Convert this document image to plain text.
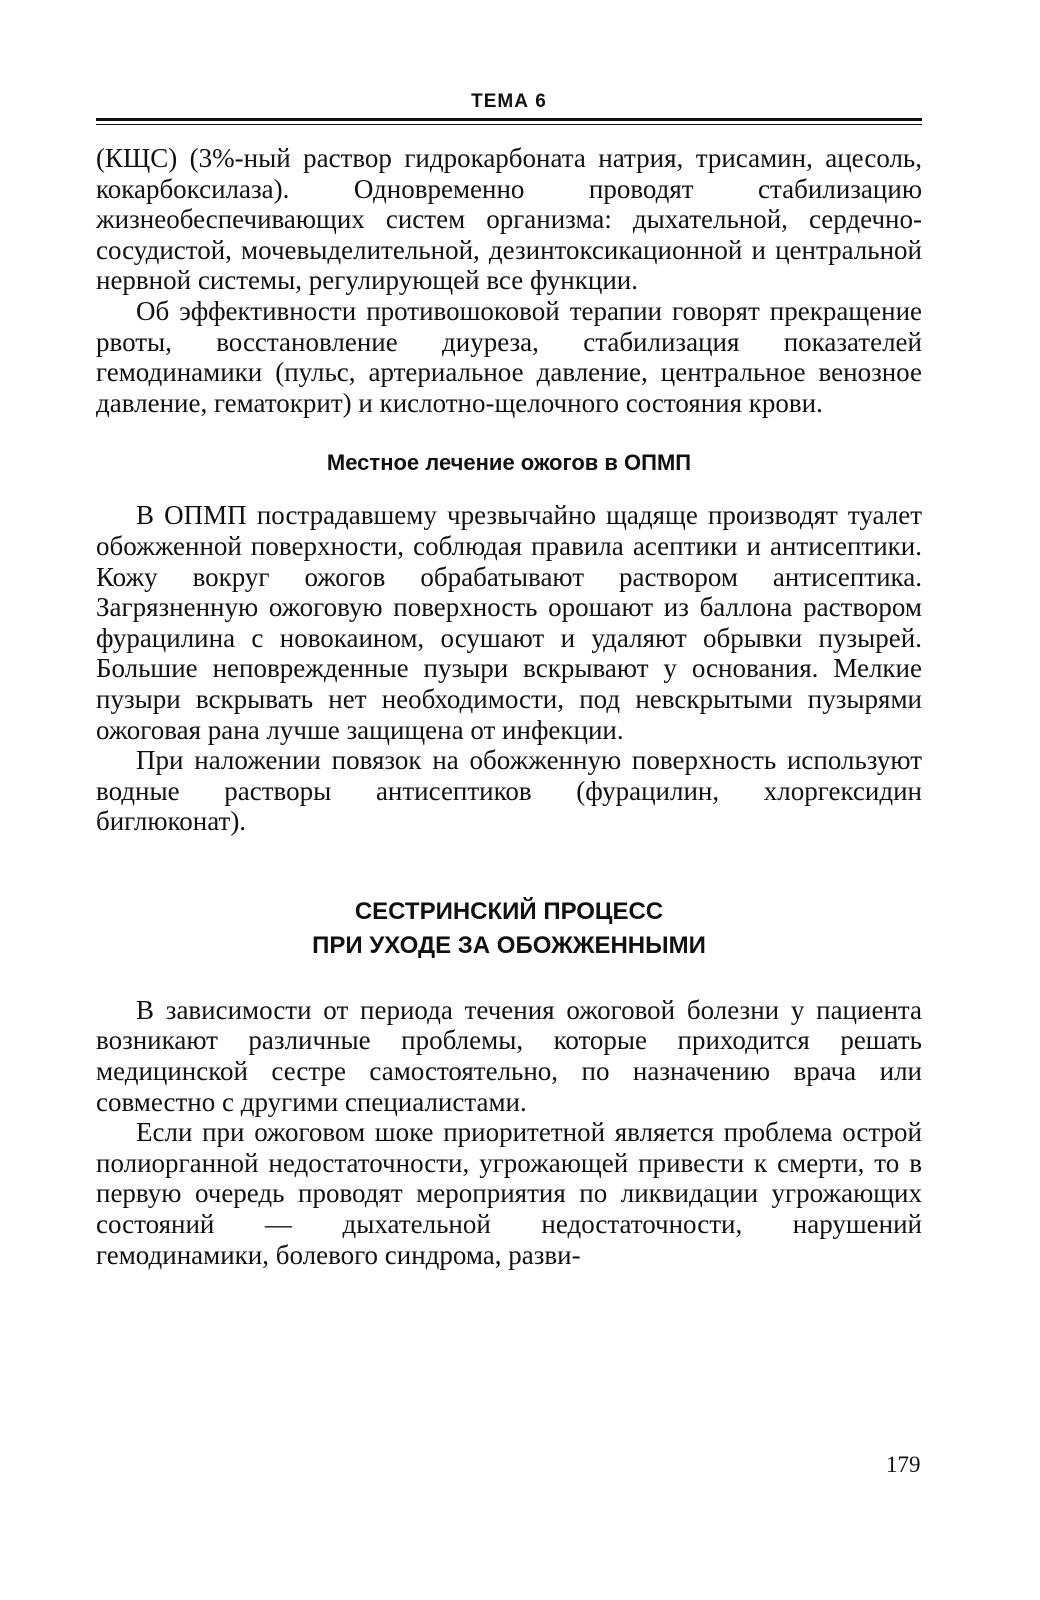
ТЕМА 6

(КЩС) (3%-ный раствор гидрокарбоната натрия, трисамин, ацесоль, кокарбоксилаза). Одновременно проводят стабилизацию жизнеобеспечивающих систем организма: дыхательной, сердечно-сосудистой, мочевыделительной, дезинтоксикационной и центральной нервной системы, регулирующей все функции.

Об эффективности противошоковой терапии говорят прекращение рвоты, восстановление диуреза, стабилизация показателей гемодинамики (пульс, артериальное давление, центральное венозное давление, гематокрит) и кислотно-щелочного состояния крови.

Местное лечение ожогов в ОПМП

В ОПМП пострадавшему чрезвычайно щадяще производят туалет обожженной поверхности, соблюдая правила асептики и антисептики. Кожу вокруг ожогов обрабатывают раствором антисептика. Загрязненную ожоговую поверхность орошают из баллона раствором фурацилина с новокаином, осушают и удаляют обрывки пузырей. Большие неповрежденные пузыри вскрывают у основания. Мелкие пузыри вскрывать нет необходимости, под невскрытыми пузырями ожоговая рана лучше защищена от инфекции.

При наложении повязок на обожженную поверхность используют водные растворы антисептиков (фурацилин, хлоргексидин биглюконат).

СЕСТРИНСКИЙ ПРОЦЕСС
ПРИ УХОДЕ ЗА ОБОЖЖЕННЫМИ

В зависимости от периода течения ожоговой болезни у пациента возникают различные проблемы, которые приходится решать медицинской сестре самостоятельно, по назначению врача или совместно с другими специалистами.

Если при ожоговом шоке приоритетной является проблема острой полиорганной недостаточности, угрожающей привести к смерти, то в первую очередь проводят мероприятия по ликвидации угрожающих состояний — дыхательной недостаточности, нарушений гемодинамики, болевого синдрома, разви-

179
